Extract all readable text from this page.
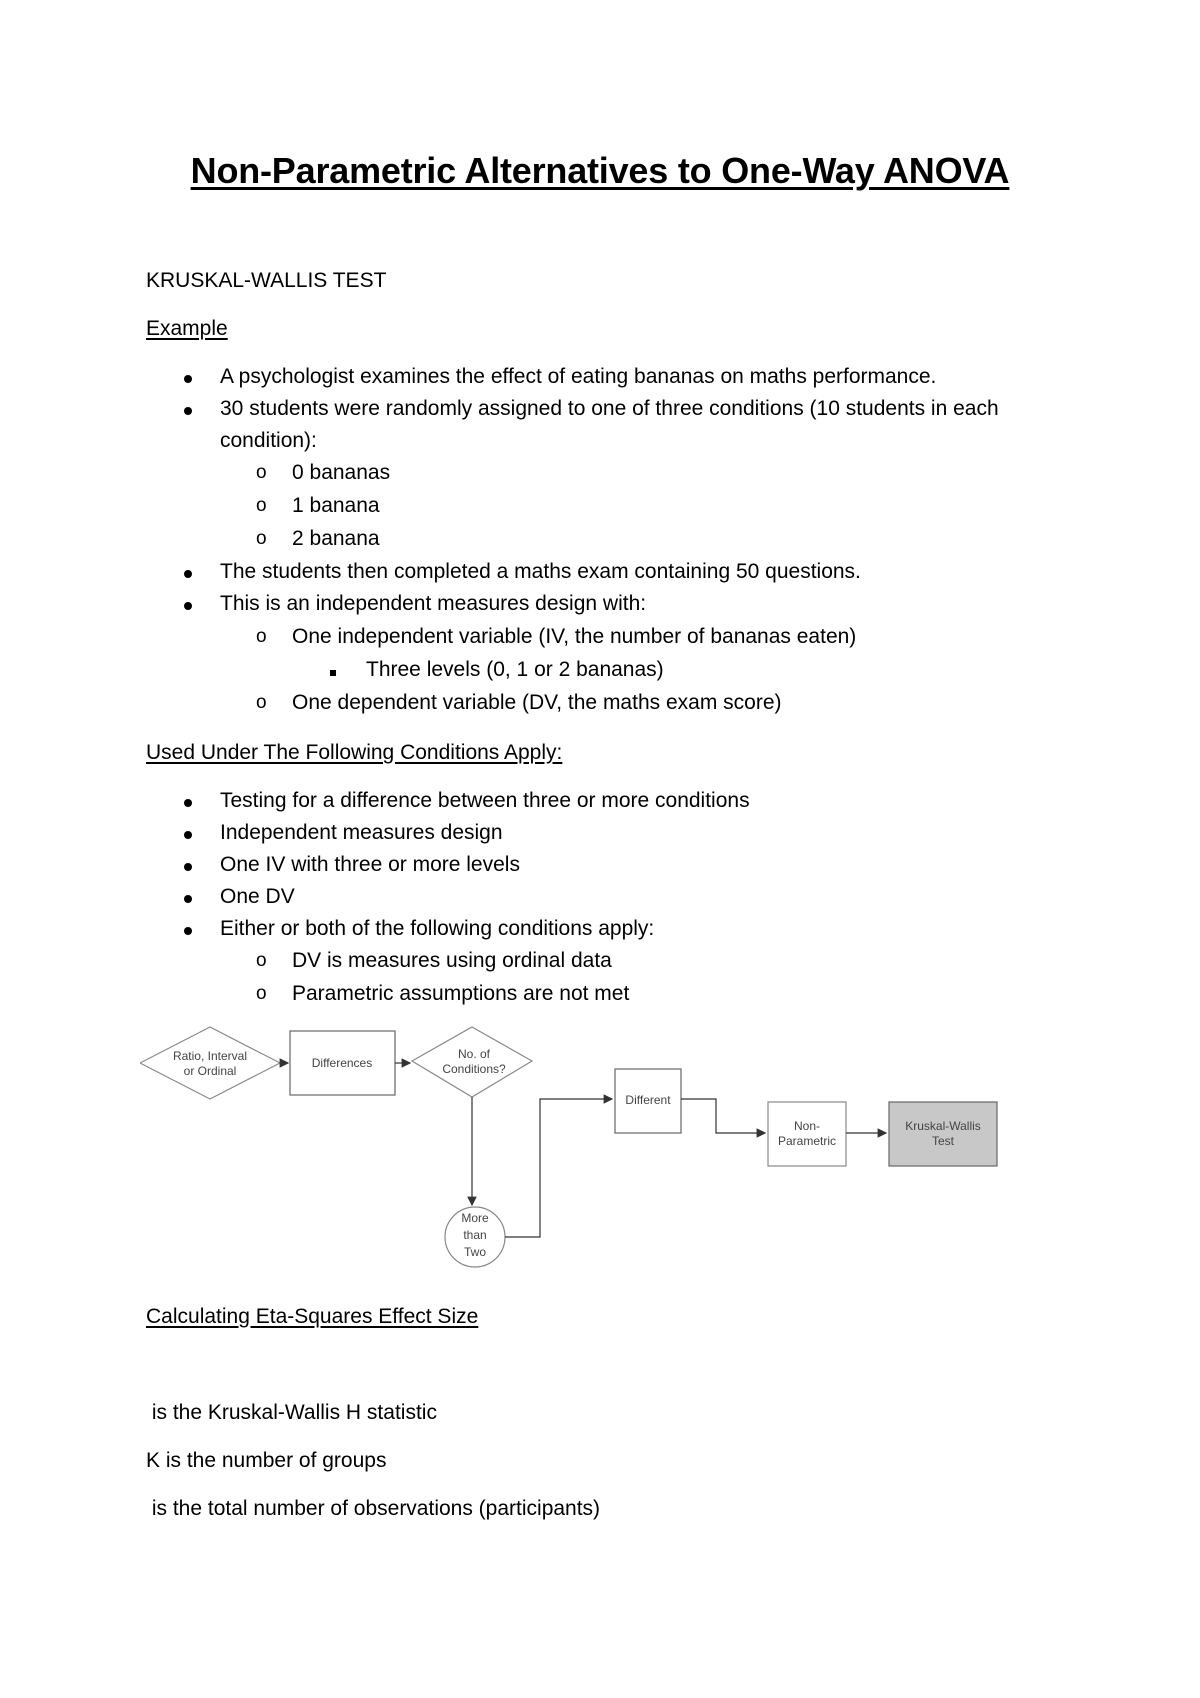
Non-Parametric Alternatives to One-Way ANOVA
KRUSKAL-WALLIS TEST
Example
A psychologist examines the effect of eating bananas on maths performance.
30 students were randomly assigned to one of three conditions (10 students in each
condition):
o	0 bananas
o	1 banana
o	2 banana
The students then completed a maths exam containing 50 questions.
This is an independent measures design with:
o	One independent variable (IV, the number of bananas eaten)
Three levels (0, 1 or 2 bananas)
o	One dependent variable (DV, the maths exam score)
Used Under The Following Conditions Apply:
Testing for a difference between three or more conditions
Independent measures design
One IV with three or more levels
One DV
Either or both of the following conditions apply:
o	DV is measures using ordinal data
o	Parametric assumptions are not met
Ratio, Interval
or Ordinal
Differences
No. of
Conditions?
More
than
Two
Different
Non-
Parametric
Kruskal-Wallis
Test
Calculating Eta-Squares Effect Size
is the Kruskal-Wallis H statistic
K is the number of groups
is the total number of observations (participants)
